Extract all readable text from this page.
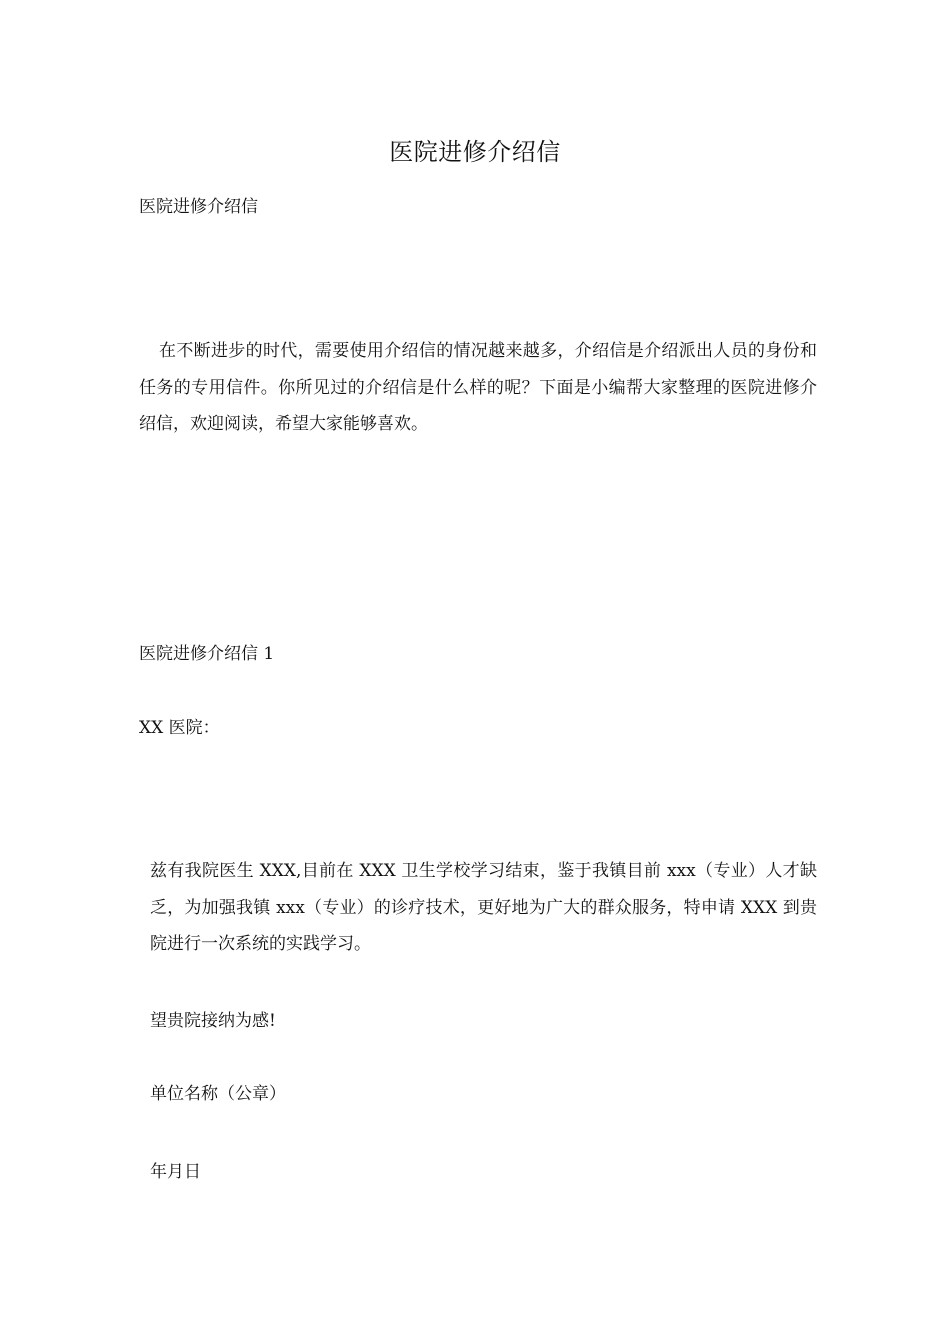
医院进修介绍信
医院进修介绍信
在不断进步的时代，需要使用介绍信的情况越来越多，介绍信是介绍派出人员的身份和任务的专用信件。你所见过的介绍信是什么样的呢？下面是小编帮大家整理的医院进修介绍信，欢迎阅读，希望大家能够喜欢。
医院进修介绍信 1
XX 医院：
兹有我院医生 XXX,目前在 XXX 卫生学校学习结束，鉴于我镇目前 xxx（专业）人才缺乏，为加强我镇 xxx（专业）的诊疗技术，更好地为广大的群众服务，特申请 XXX 到贵院进行一次系统的实践学习。
望贵院接纳为感!
单位名称（公章）
年月日
